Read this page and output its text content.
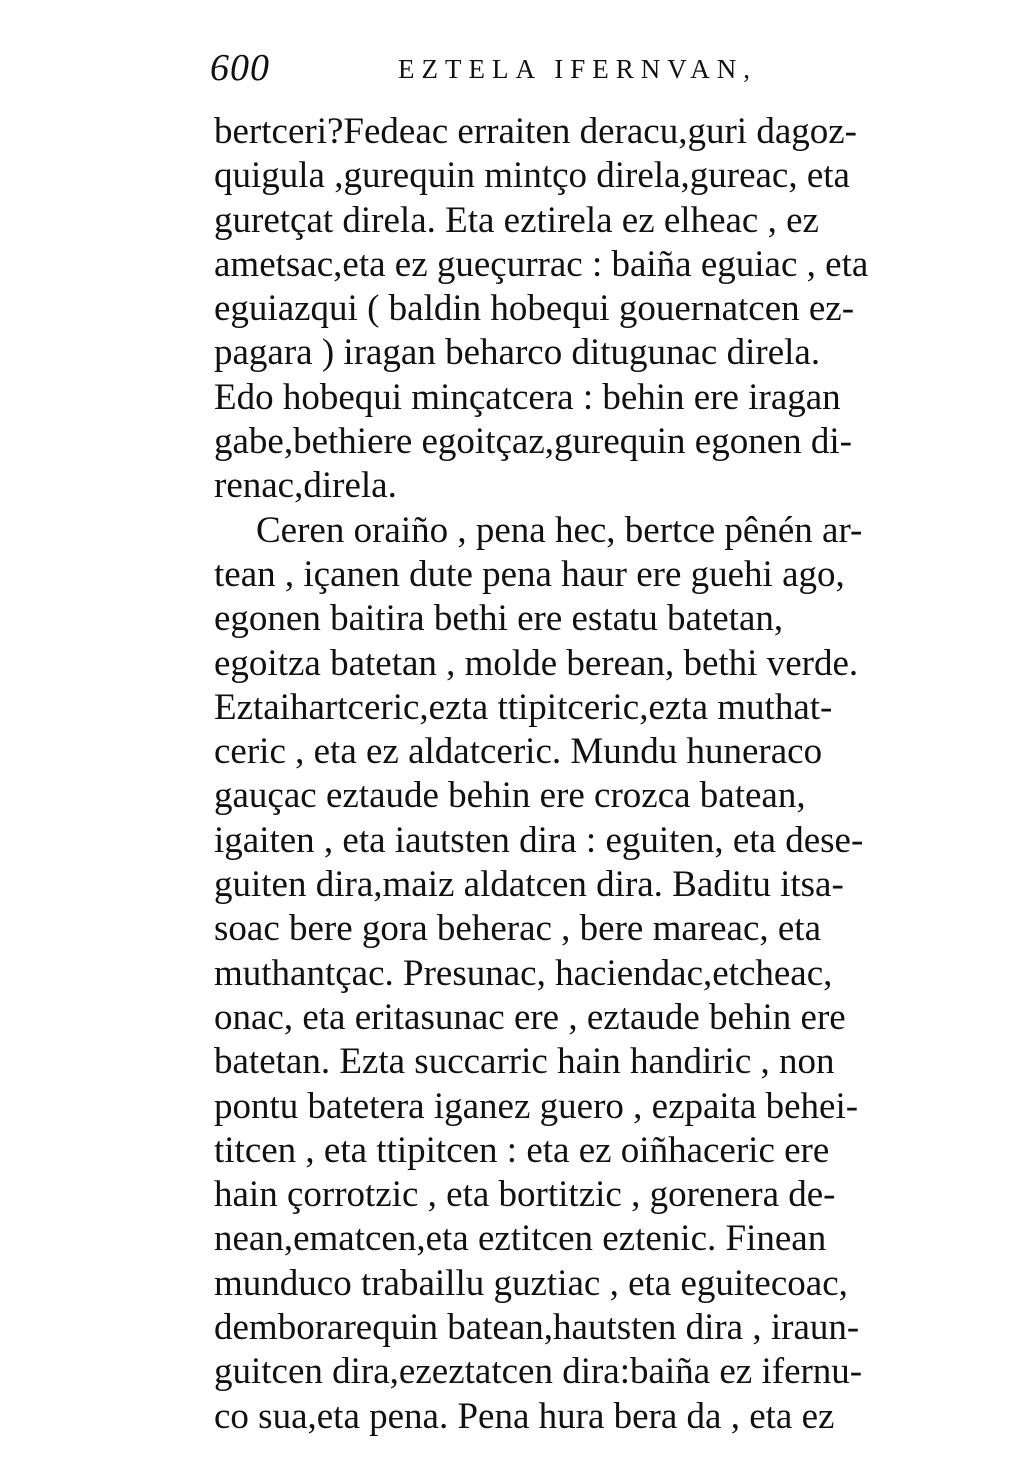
600	EZTELA IFERNVAN,
bertceri?Fedeac erraiten deracu,guri dagoz-
quigula ,gurequin mintço direla,gureac, eta
guretçat direla. Eta eztirela ez elheac , ez
ametsac,eta ez gueçurrac : baiña eguiac , eta
eguiazqui ( baldin hobequi gouernatcen ez-
pagara ) iragan beharco ditugunac direla.
Edo hobequi minçatcera : behin ere iragan
gabe,bethiere egoitçaz,gurequin egonen di-
renac,direla.
Ceren oraiño , pena hec, bertce pênén ar-
tean , içanen dute pena haur ere guehi ago,
egonen baitira bethi ere estatu batetan,
egoitza batetan , molde berean, bethi verde.
Eztaihartceric,ezta ttipitceric,ezta muthat-
ceric , eta ez aldatceric. Mundu huneraco
gauçac eztaude behin ere crozca batean,
igaiten , eta iautsten dira : eguiten, eta dese-
guiten dira,maiz aldatcen dira. Baditu itsa-
soac bere gora beherac , bere mareac, eta
muthantçac. Presunac, haciendac,etcheac,
onac, eta eritasunac ere , eztaude behin ere
batetan. Ezta succarric hain handiric , non
pontu batetera iganez guero , ezpaita behei-
titcen , eta ttipitcen : eta ez oiñhaceric ere
hain çorrotzic , eta bortitzic , gorenera de-
nean,ematcen,eta eztitcen eztenic. Finean
munduco trabaillu guztiac , eta eguitecoac,
demborarequin batean,hautsten dira , iraun-
guitcen dira,ezeztatcen dira:baiña ez ifernu-
co sua,eta pena. Pena hura bera da , eta ez
